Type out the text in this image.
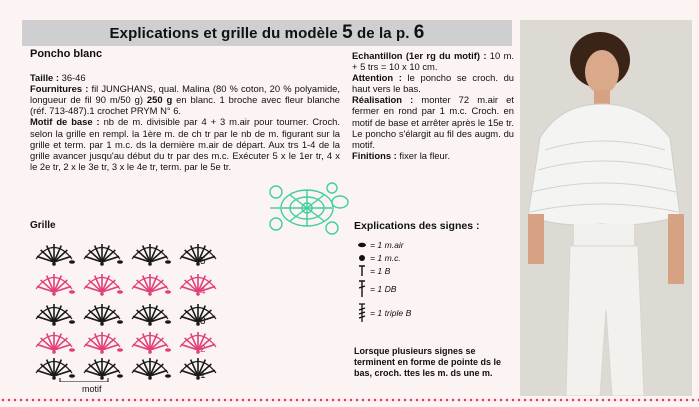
Explications et grille du modèle 5 de la p. 6
Poncho blanc
Taille : 36-46
Fournitures : fil JUNGHANS, qual. Malina (80 % coton, 20 % polyamide, longueur de fil 90 m/50 g) 250 g en blanc. 1 broche avec fleur blanche (réf. 713-487).1 crochet PRYM N° 6.
Motif de base : nb de m. divisible par 4 + 3 m.air pour tourner. Croch. selon la grille en rempl. la 1ère m. de ch tr par le nb de m. figurant sur la grille et term. par 1 m.c. ds la dernière m.air de départ. Aux trs 1-4 de la grille avancer jusqu'au début du tr par des m.c. Exécuter 5 x le 1er tr, 4 x le 2e tr, 2 x le 3e tr, 3 x le 4e tr, term. par le 5e tr.
Echantillon (1er rg du motif) : 10 m. + 5 trs = 10 x 10 cm.
Attention : le poncho se croch. du haut vers le bas.
Réalisation : monter 72 m.air et fermer en rond par 1 m.c. Croch. en motif de base et arrêter après le 15e tr. Le poncho s'élargit au fil des augm. du motif.
Finitions : fixer la fleur.
Grille
5
4
3
2
1
motif
Explications des signes :
= 1 m.air
= 1 m.c.
= 1 B
= 1 DB
= 1 triple B
Lorsque plusieurs signes se terminent en forme de pointe ds le bas, croch. ttes les m. ds une m.
